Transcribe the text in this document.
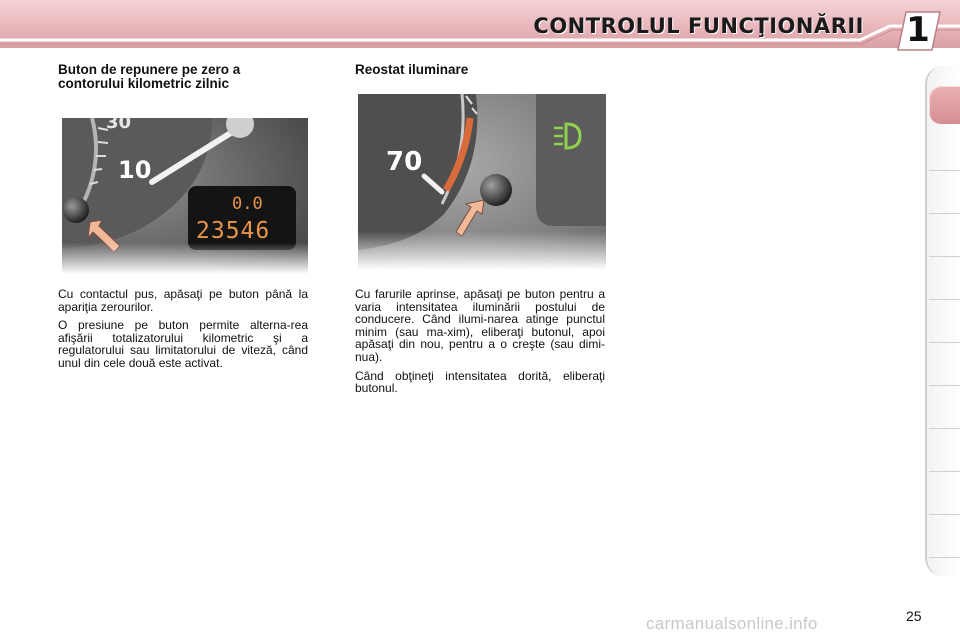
CONTROLUL FUNCŢIONĂRII 1
Buton de repunere pe zero a
contorului kilometric zilnic

Cu contactul pus, apăsaţi pe buton până la apariţia zerourilor.

O presiune pe buton permite alterna-rea afişării totalizatorului kilometric şi a regulatorului sau limitatorului de viteză, când unul din cele două este activat.

Reostat iluminare

Cu farurile aprinse, apăsaţi pe buton pentru a varia intensitatea iluminării postului de conducere. Când ilumi-narea atinge punctul minim (sau ma-xim), eliberaţi butonul, apoi apăsaţi din nou, pentru a o creşte (sau dimi-nua).

Când obţineţi intensitatea dorită, eliberaţi butonul.

25
carmanualsonline.info
